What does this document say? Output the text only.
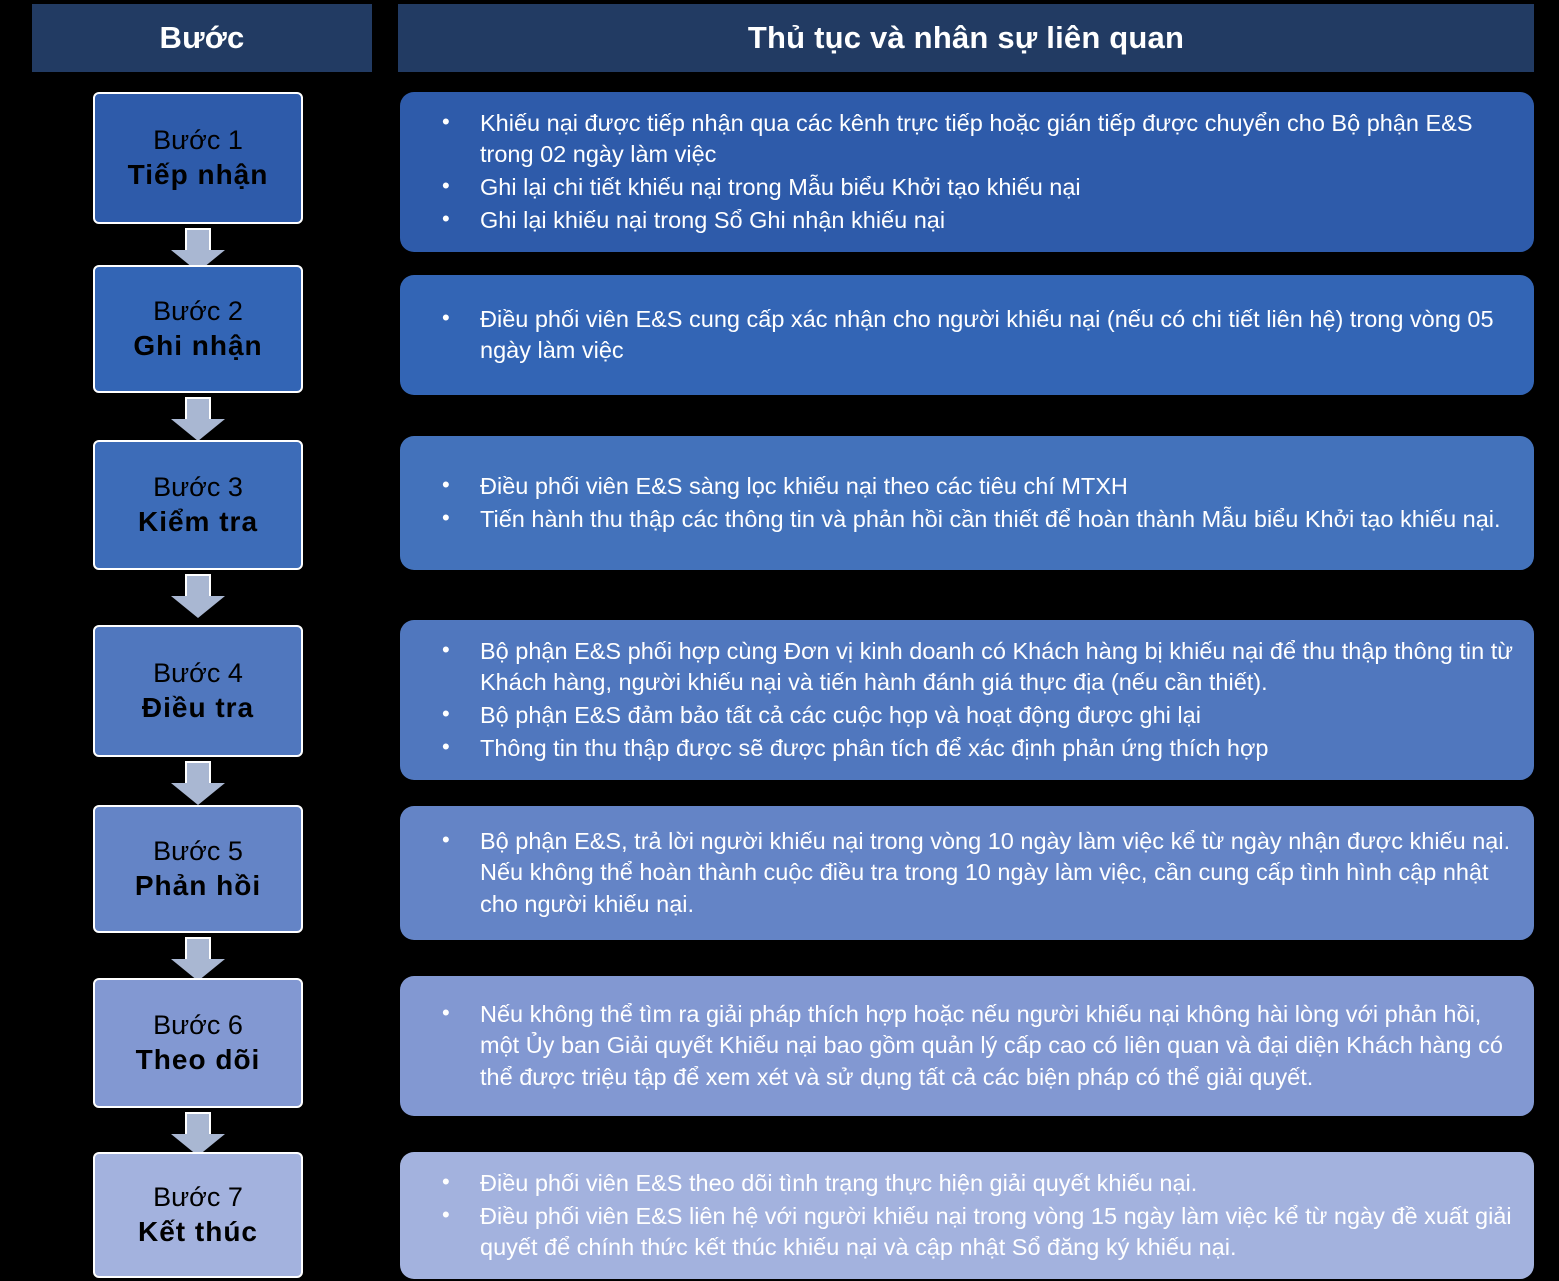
Bước	Thủ tục và nhân sự liên quan
Bước 1
Tiếp nhận
• Khiếu nại được tiếp nhận qua các kênh trực tiếp hoặc gián tiếp được chuyển cho Bộ phận E&S trong 02 ngày làm việc
• Ghi lại chi tiết khiếu nại trong Mẫu biểu Khởi tạo khiếu nại
• Ghi lại khiếu nại trong Sổ Ghi nhận khiếu nại
Bước 2
Ghi nhận
• Điều phối viên E&S cung cấp xác nhận cho người khiếu nại (nếu có chi tiết liên hệ) trong vòng 05 ngày làm việc
Bước 3
Kiểm tra
• Điều phối viên E&S sàng lọc khiếu nại theo các tiêu chí MTXH
• Tiến hành thu thập các thông tin và phản hồi cần thiết để hoàn thành Mẫu biểu Khởi tạo khiếu nại.
Bước 4
Điều tra
• Bộ phận E&S phối hợp cùng Đơn vị kinh doanh có Khách hàng bị khiếu nại để thu thập thông tin từ Khách hàng, người khiếu nại và tiến hành đánh giá thực địa (nếu cần thiết).
• Bộ phận E&S đảm bảo tất cả các cuộc họp và hoạt động được ghi lại
• Thông tin thu thập được sẽ được phân tích để xác định phản ứng thích hợp
Bước 5
Phản hồi
• Bộ phận E&S, trả lời người khiếu nại trong vòng 10 ngày làm việc kể từ ngày nhận được khiếu nại. Nếu không thể hoàn thành cuộc điều tra trong 10 ngày làm việc, cần cung cấp tình hình cập nhật cho người khiếu nại.
Bước 6
Theo dõi
• Nếu không thể tìm ra giải pháp thích hợp hoặc nếu người khiếu nại không hài lòng với phản hồi, một Ủy ban Giải quyết Khiếu nại bao gồm quản lý cấp cao có liên quan và đại diện Khách hàng có thể được triệu tập để xem xét và sử dụng tất cả các biện pháp có thể giải quyết.
Bước 7
Kết thúc
• Điều phối viên E&S theo dõi tình trạng thực hiện giải quyết khiếu nại.
• Điều phối viên E&S liên hệ với người khiếu nại trong vòng 15 ngày làm việc kể từ ngày đề xuất giải quyết để chính thức kết thúc khiếu nại và cập nhật Sổ đăng ký khiếu nại.
